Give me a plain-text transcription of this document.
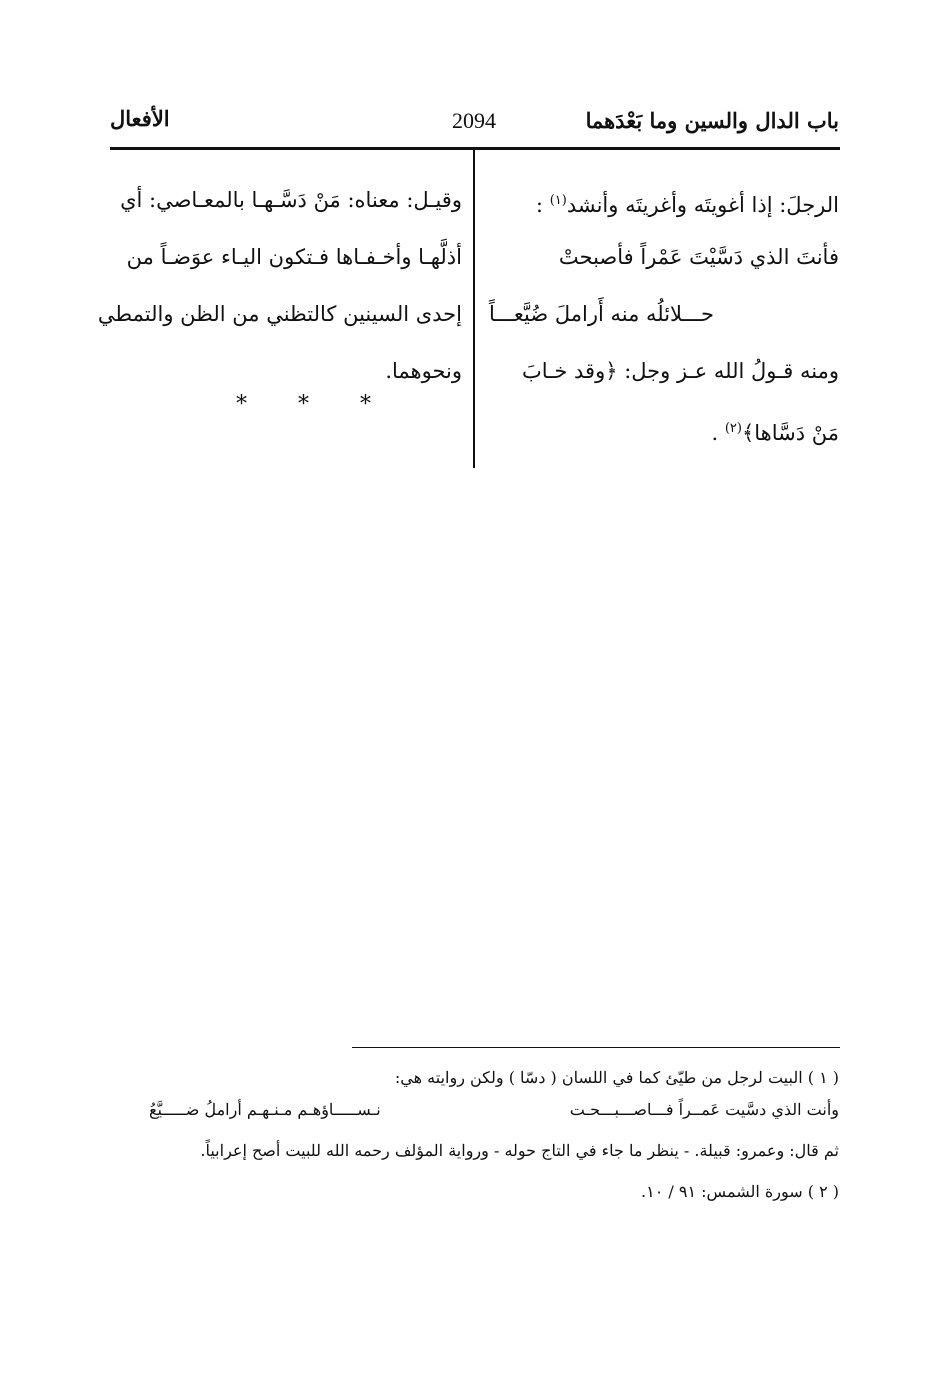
باب الدال والسين وما بَعْدَهما
2094
الأفعال
الرجلَ: إذا أغويتَه وأغريتَه وأنشد$^{(١)}$ :
فأنتَ الذي دَسَّيْتَ عَمْراً فأصبحتْ
حـــلائلُه منه أَراملَ ضُيَّعـــاً
ومنه قـولُ الله عـز وجل: ﴿وقد خـابَ
مَنْ دَسَّاها﴾$^{(٢)}$ .
وقيـل: معناه: مَنْ دَسَّـهـا بالمعـاصي: أي
أذلَّهـا وأخـفـاها فـتكون اليـاء عوَضـاً من
إحدى السينين كالتظني من الظن والتمطي
ونحوهما.
* * *
( ١ ) البيت لرجل من طيّئ كما في اللسان ( دسّا ) ولكن روايته هي:
وأنت الذي دسَّيت عَمــراً فـــاصـــبـــحـت
نـســـــاؤهـم مـنـهـم أراملُ ضـــــيَّعُ
ثم قال: وعمرو: قبيلة. - ينظر ما جاء في التاج حوله - ورواية المؤلف رحمه الله للبيت أصح إعرابياً.
( ٢ ) سورة الشمس: ٩١ / ١٠.
